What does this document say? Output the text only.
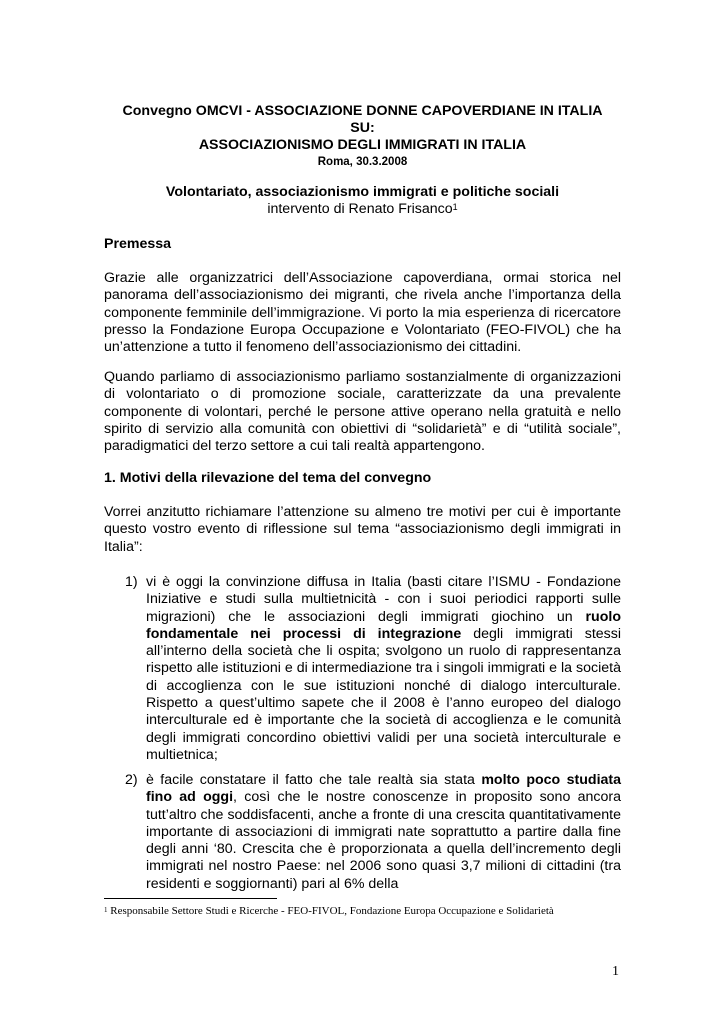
Convegno OMCVI - ASSOCIAZIONE DONNE CAPOVERDIANE IN ITALIA
SU:
ASSOCIAZIONISMO DEGLI IMMIGRATI IN ITALIA
Roma, 30.3.2008
Volontariato, associazionismo immigrati e politiche sociali
intervento di Renato Frisanco$^1$
Premessa

Grazie alle organizzatrici dell’Associazione capoverdiana, ormai storica nel panorama dell’associazionismo dei migranti, che rivela anche l’importanza della componente femminile dell’immigrazione. Vi porto la mia esperienza di ricercatore presso la Fondazione Europa Occupazione e Volontariato (FEO-FIVOL) che ha un’attenzione a tutto il fenomeno dell’associazionismo dei cittadini.

Quando parliamo di associazionismo parliamo sostanzialmente di organizzazioni di volontariato o di promozione sociale, caratterizzate da una prevalente componente di volontari, perché le persone attive operano nella gratuità e nello spirito di servizio alla comunità con obiettivi di “solidarietà” e di “utilità sociale”, paradigmatici del terzo settore a cui tali realtà appartengono.

1. Motivi della rilevazione del tema del convegno

Vorrei anzitutto richiamare l’attenzione su almeno tre motivi per cui è importante questo vostro evento di riflessione sul tema “associazionismo degli immigrati in Italia”:

1) vi è oggi la convinzione diffusa in Italia (basti citare l’ISMU - Fondazione Iniziative e studi sulla multietnicità - con i suoi periodici rapporti sulle migrazioni) che le associazioni degli immigrati giochino un ruolo fondamentale nei processi di integrazione degli immigrati stessi all’interno della società che li ospita; svolgono un ruolo di rappresentanza rispetto alle istituzioni e di intermediazione tra i singoli immigrati e la società di accoglienza con le sue istituzioni nonché di dialogo interculturale. Rispetto a quest’ultimo sapete che il 2008 è l’anno europeo del dialogo interculturale ed è importante che la società di accoglienza e le comunità degli immigrati concordino obiettivi validi per una società interculturale e multietnica;
2) è facile constatare il fatto che tale realtà sia stata molto poco studiata fino ad oggi, così che le nostre conoscenze in proposito sono ancora tutt’altro che soddisfacenti, anche a fronte di una crescita quantitativamente importante di associazioni di immigrati nate soprattutto a partire dalla fine degli anni ‘80. Crescita che è proporzionata a quella dell’incremento degli immigrati nel nostro Paese: nel 2006 sono quasi 3,7 milioni di cittadini (tra residenti e soggiornanti) pari al 6% della
$^1$ Responsabile Settore Studi e Ricerche - FEO-FIVOL, Fondazione Europa Occupazione e Solidarietà
1
